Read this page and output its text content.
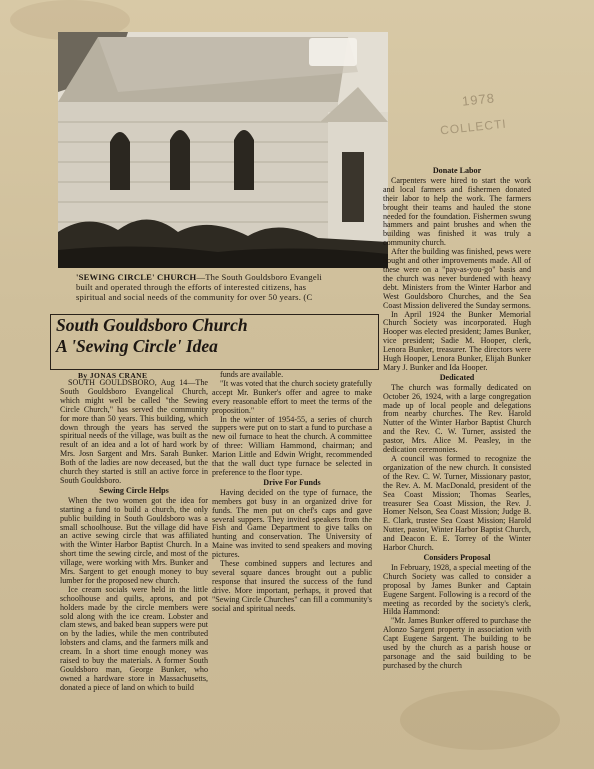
1978
COLLECTI
'SEWING CIRCLE' CHURCH—The South Gouldsboro Evangeli
built and operated through the efforts of interested citizens, has
spiritual and social needs of the community for over 50 years. (C
South Gouldsboro Church
A 'Sewing Circle' Idea
By JONAS CRANE

SOUTH GOULDSBORO, Aug 14—The South Gouldsboro Evangelical Church, which might well be called "the Sewing Circle Church," has served the community for more than 50 years. This building, which down through the years has served the spiritual needs of the village, was built as the result of an idea and a lot of hard work by Mrs. Josn Sargent and Mrs. Sarah Bunker. Both of the ladies are now deceased, but the church they started is still an active force in South Gouldsboro.

Sewing Circle Helps

When the two women got the idea for starting a fund to build a church, the only public building in South Gouldsboro was a small schoolhouse. But the village did have an active sewing circle that was affiliated with the Winter Harbor Baptist Church. In a short time the sewing circle, and most of the village, were working with Mrs. Bunker and Mrs. Sargent to get enough money to buy lumber for the proposed new church.

Ice cream socials were held in the little schoolhouse and quilts, aprons, and pot holders made by the circle members were sold along with the ice cream. Lobster and clam stews, and baked bean suppers were put on by the ladies, while the men contributed lobsters and clams, and the farmers milk and cream. In a short time enough money was raised to buy the materials. A former South Gouldsboro man, George Bunker, who owned a hardware store in Massachusetts, donated a piece of land on which to build

funds are available.

"It was voted that the church society gratefully accept Mr. Bunker's offer and agree to make every reasonable effort to meet the terms of the proposition."

In the winter of 1954-55, a series of church suppers were put on to start a fund to purchase a new oil furnace to heat the church. A committee of three: William Hammond, chairman; and Marion Little and Edwin Wright, recommended that the wall duct type furnace be selected in preference to the floor type.

Drive For Funds

Having decided on the type of furnace, the members got busy in an organized drive for funds. The men put on chef's caps and gave several suppers. They invited speakers from the Fish and Game Department to give talks on hunting and conservation. The University of Maine was invited to send speakers and moving pictures.

These combined suppers and lectures and several square dances brought out a public response that insured the success of the fund drive. More important, perhaps, it proved that "Sewing Circle Churches" can fill a community's social and spiritual needs.

Donate Labor

Carpenters were hired to start the work and local farmers and fishermen donated their labor to help the work. The farmers brought their teams and hauled the stone needed for the foundation. Fishermen swung hammers and paint brushes and when the building was finished it was truly a community church.

After the building was finished, pews were bought and other improvements made. All of these were on a "pay-as-you-go" basis and the church was never burdened with heavy debt. Ministers from the Winter Harbor and West Gouldsboro Churches, and the Sea Coast Mission delivered the Sunday sermons.

In April 1924 the Bunker Memorial Church Society was incorporated. Hugh Hooper was elected president; James Bunker, vice president; Sadie M. Hooper, clerk, Lenora Bunker, treasurer. The directors were Hugh Hooper, Lenora Bunker, Elijah Bunker Mary J. Bunker and Ida Hooper.

Dedicated

The church was formally dedicated on October 26, 1924, with a large congregation made up of local people and delegations from nearby churches. The Rev. Harold Nutter of the Winter Harbor Baptist Church and the Rev. C. W. Turner, assisted the pastor, Mrs. Alice M. Peasley, in the dedication ceremonies.

A council was formed to recognize the organization of the new church. It consisted of the Rev. C. W. Turner, Missionary pastor, the Rev. A. M. MacDonald, president of the Sea Coast Mission; Thomas Searles, treasurer Sea Coast Mission, the Rev. J. Homer Nelson, Sea Coast Mission; Judge B. E. Clark, trustee Sea Coast Mission; Harold Nutter, pastor, Winter Harbor Baptist Church, and Deacon E. E. Torrey of the Winter Harbor Church.

Considers Proposal

In February, 1928, a special meeting of the Church Society was called to consider a proposal by James Bunker and Captain Eugene Sargent. Following is a record of the meeting as recorded by the society's clerk, Hilda Hammond:

"Mr. James Bunker offered to purchase the Alonzo Sargent property in association with Capt Eugene Sargent. The building to be used by the church as a parish house or parsonage and the said building to be purchased by the church
